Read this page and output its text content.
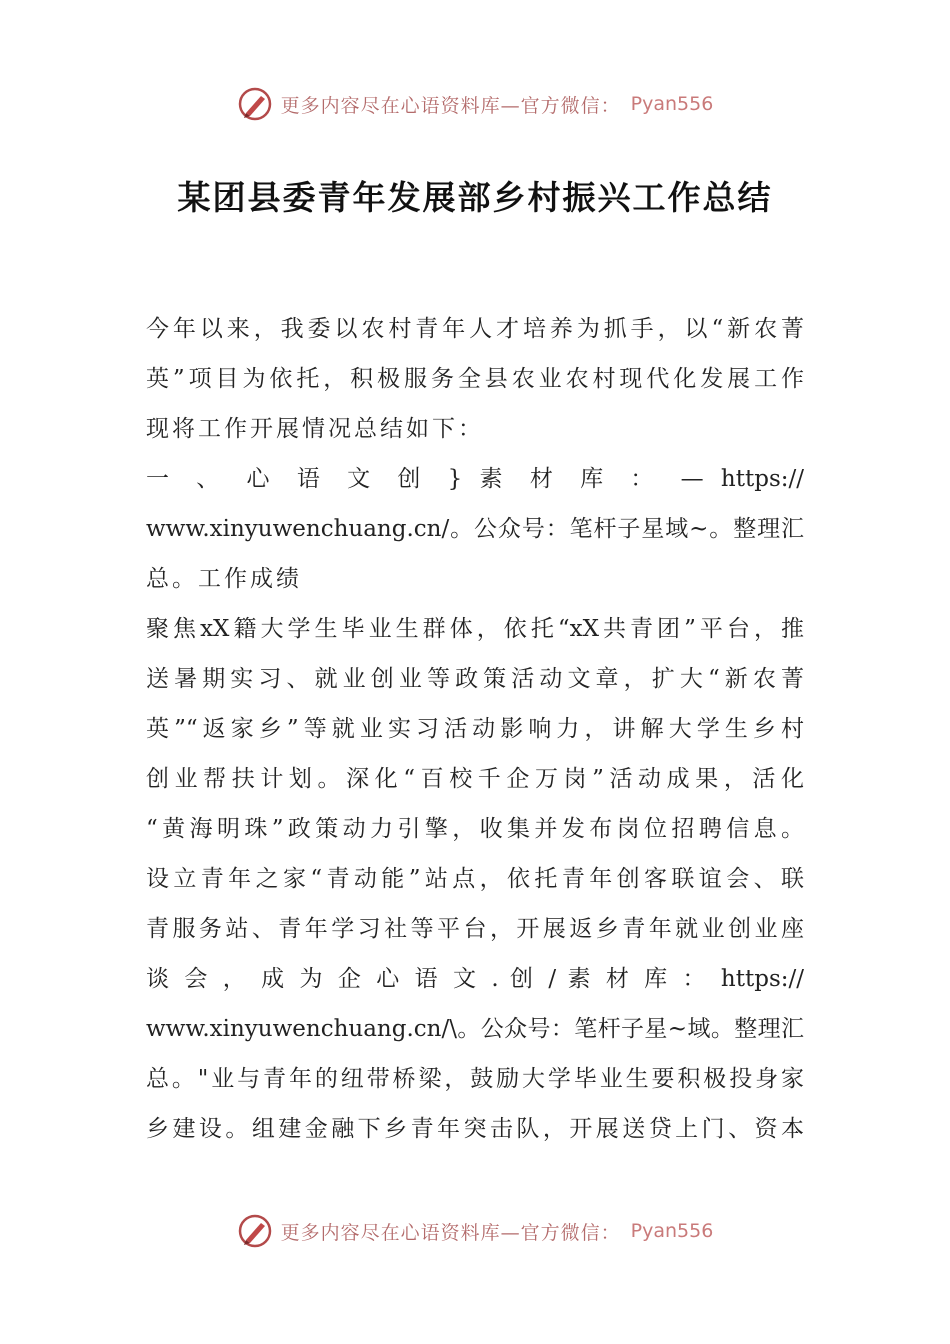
更多内容尽在心语资料库—官方微信： Pyan556
某团县委青年发展部乡村振兴工作总结
今年以来，我委以农村青年人才培养为抓手，以“新农菁
英”项目为依托，积极服务全县农业农村现代化发展工作
现将工作开展情况总结如下：
一 、 心 语 文 创 } 素 材 库 ： — https://
www.xinyuwenchuang.cn/。公众号：笔杆子星域~。整理汇
总。工作成绩
聚焦xX籍大学生毕业生群体，依托“xX共青团”平台，推
送暑期实习、就业创业等政策活动文章，扩大“新农菁
英”“返家乡”等就业实习活动影响力，讲解大学生乡村
创业帮扶计划。深化“百校千企万岗”活动成果，活化
“黄海明珠”政策动力引擎，收集并发布岗位招聘信息。
设立青年之家“青动能”站点，依托青年创客联谊会、联
青服务站、青年学习社等平台，开展返乡青年就业创业座
谈 会 ， 成 为 企 心 语 文 . 创 / 素 材 库 ： https://
www.xinyuwenchuang.cn/\。公众号：笔杆子星~域。整理汇
总。"业与青年的纽带桥梁，鼓励大学毕业生要积极投身家
乡建设。组建金融下乡青年突击队，开展送贷上门、资本
更多内容尽在心语资料库—官方微信： Pyan556
